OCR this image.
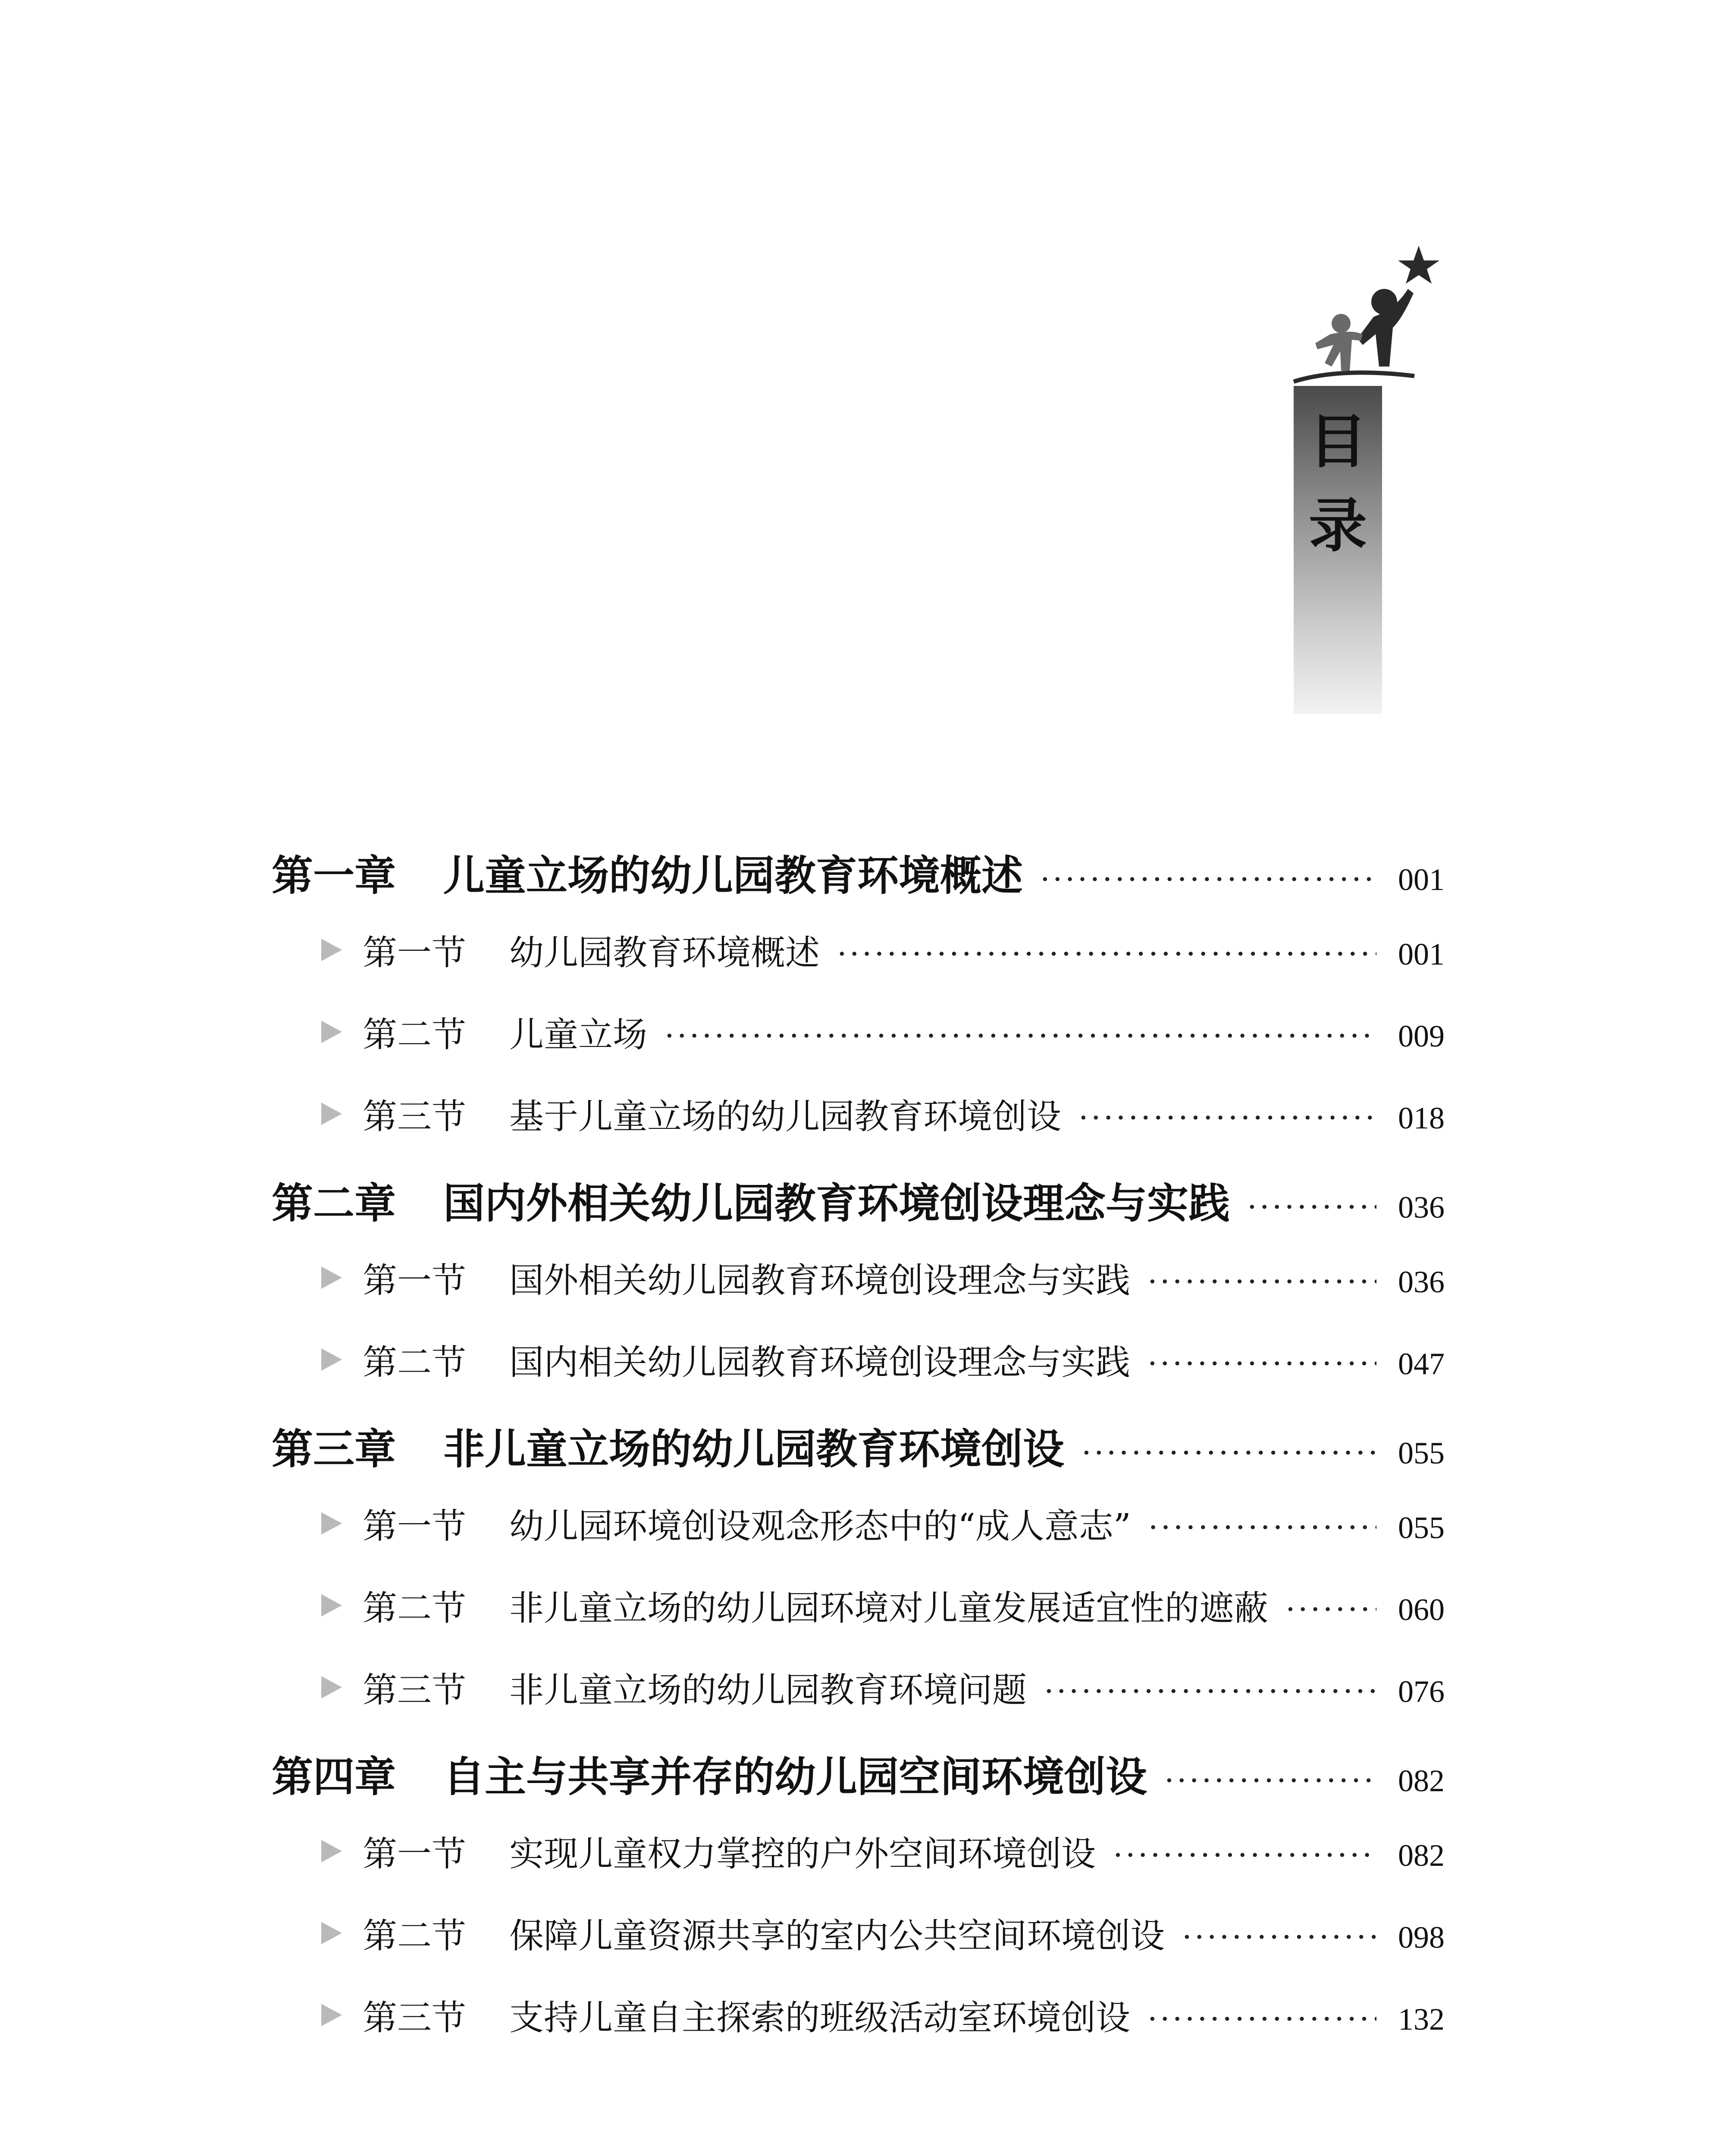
目
录
第一章 儿童立场的幼儿园教育环境概述 ·····	001
第一节 幼儿园教育环境概述 ·····	001
第二节 儿童立场 ·····	009
第三节 基于儿童立场的幼儿园教育环境创设 ·····	018
第二章 国内外相关幼儿园教育环境创设理念与实践 ·····	036
第一节 国外相关幼儿园教育环境创设理念与实践 ·····	036
第二节 国内相关幼儿园教育环境创设理念与实践 ·····	047
第三章 非儿童立场的幼儿园教育环境创设 ·····	055
第一节 幼儿园环境创设观念形态中的“成人意志” ·····	055
第二节 非儿童立场的幼儿园环境对儿童发展适宜性的遮蔽 ·····	060
第三节 非儿童立场的幼儿园教育环境问题 ·····	076
第四章 自主与共享并存的幼儿园空间环境创设 ·····	082
第一节 实现儿童权力掌控的户外空间环境创设 ·····	082
第二节 保障儿童资源共享的室内公共空间环境创设 ·····	098
第三节 支持儿童自主探索的班级活动室环境创设 ·····	132
